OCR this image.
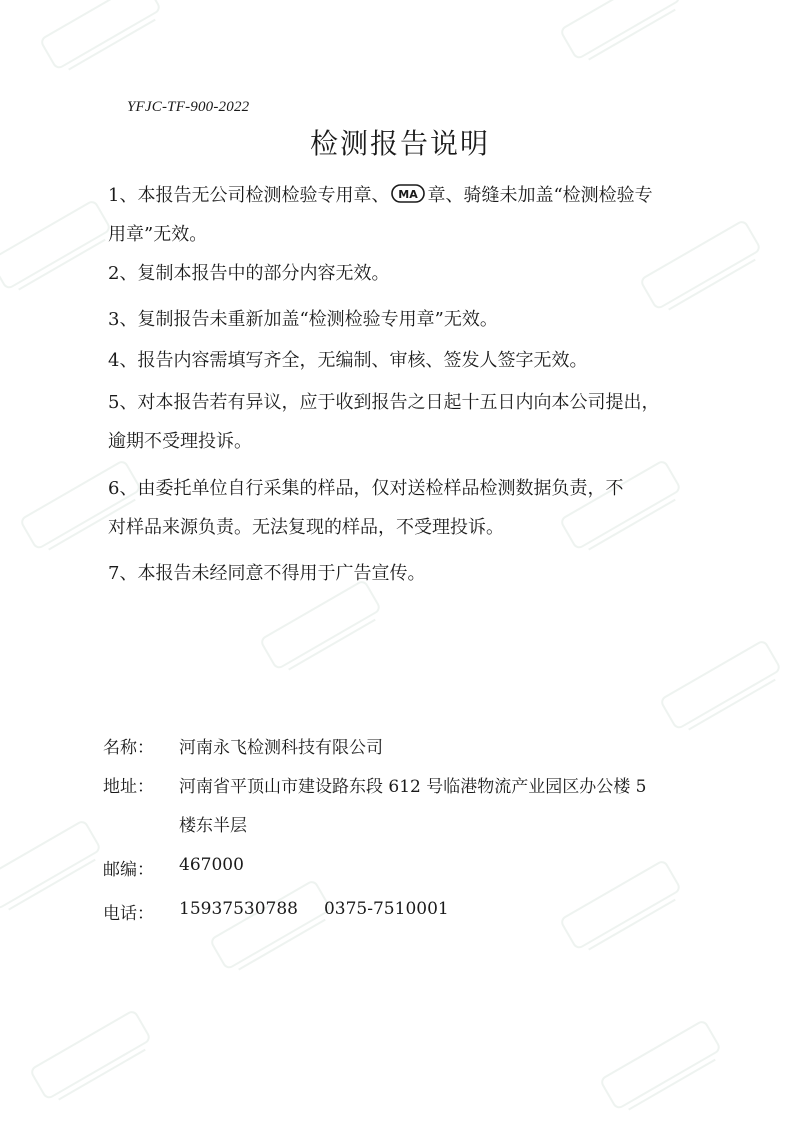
YFJC-TF-900-2022
检测报告说明
1、本报告无公司检测检验专用章、 MA 章、骑缝未加盖“检测检验专
用章”无效。
2、复制本报告中的部分内容无效。
3、复制报告未重新加盖“检测检验专用章”无效。
4、报告内容需填写齐全，无编制、审核、签发人签字无效。
5、对本报告若有异议，应于收到报告之日起十五日内向本公司提出，
逾期不受理投诉。
6、由委托单位自行采集的样品，仅对送检样品检测数据负责，不
对样品来源负责。无法复现的样品，不受理投诉。
7、本报告未经同意不得用于广告宣传。
名称： 河南永飞检测科技有限公司
地址： 河南省平顶山市建设路东段 612 号临港物流产业园区办公楼 5
楼东半层
邮编： 467000
电话： 15937530788 0375-7510001
